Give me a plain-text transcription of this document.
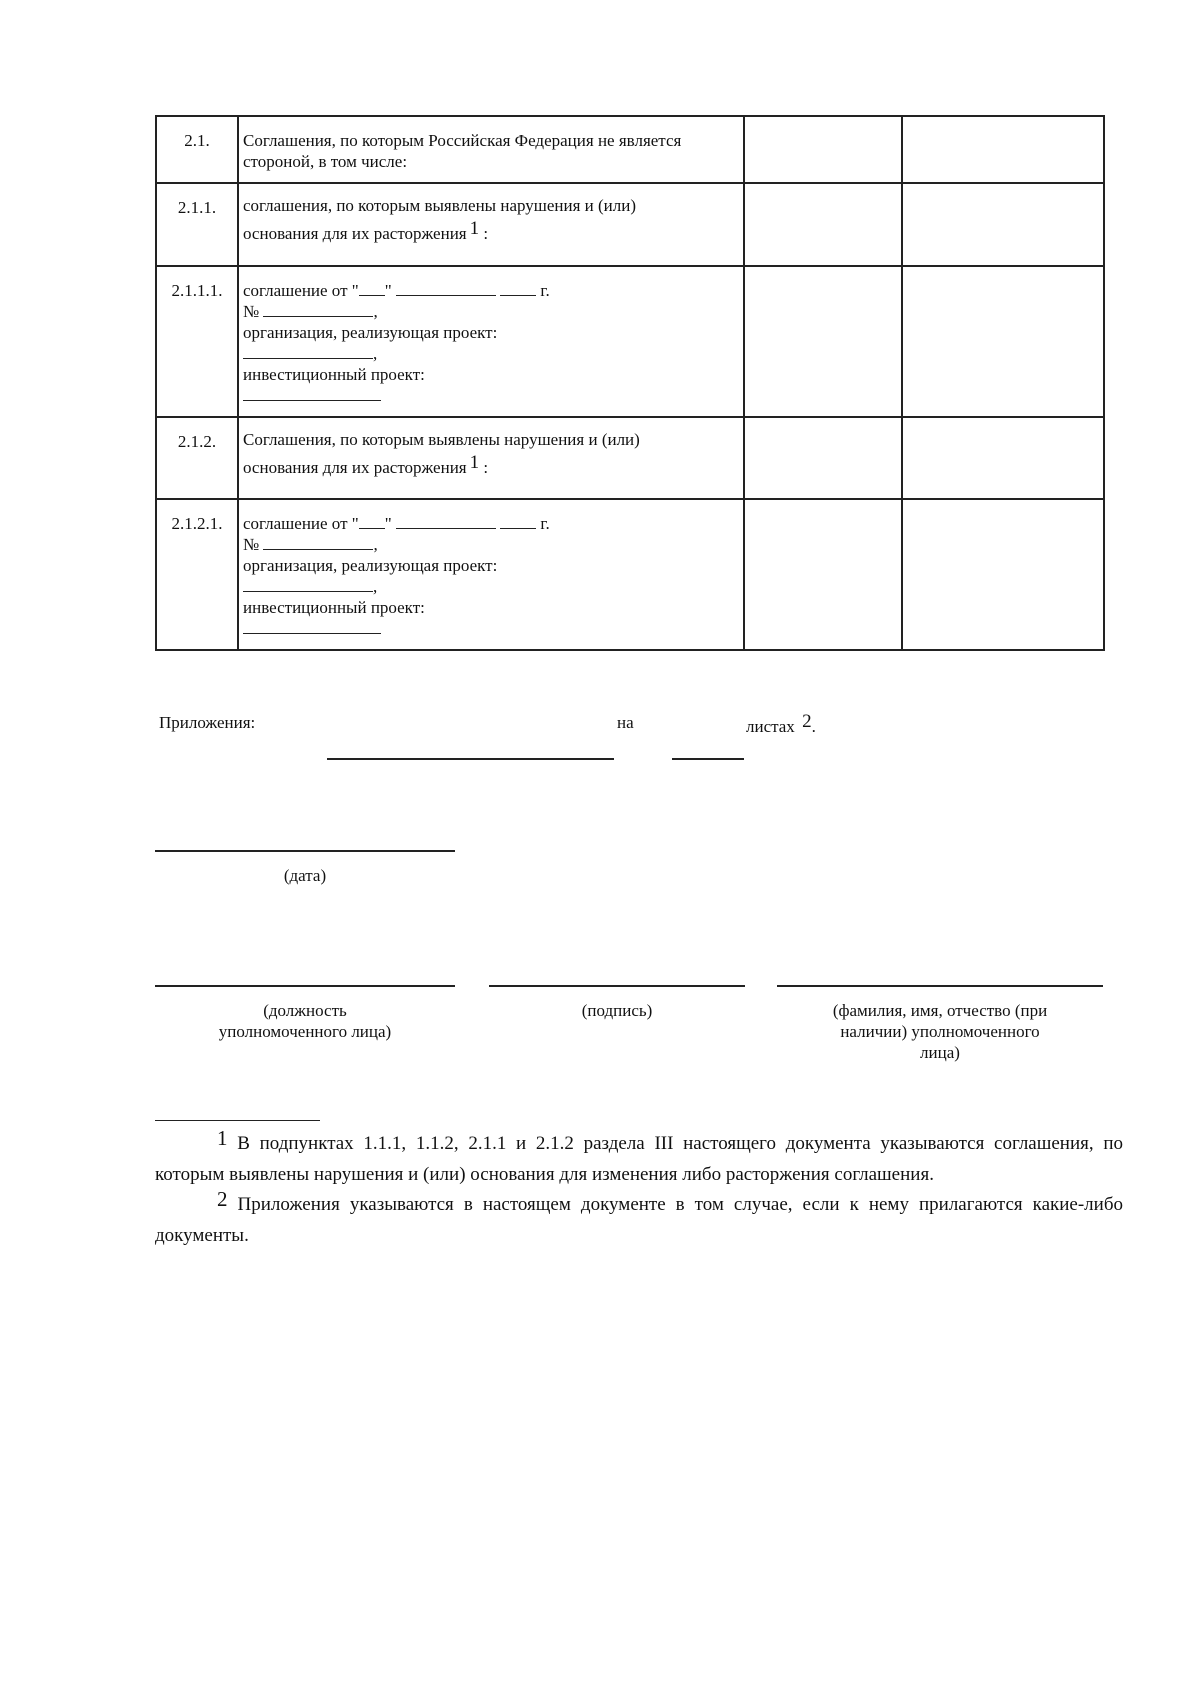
2.1.	Соглашения, по которым Российская Федерация не является
стороной, в том числе:		

2.1.1.	соглашения, по которым выявлены нарушения и (или)
основания для их расторжения 1 :		
2.1.1.1.	соглашение от " " г.
№ ,
организация, реализующая проект:
,
инвестиционный проект:		

2.1.2.	Соглашения, по которым выявлены нарушения и (или)
основания для их расторжения 1 :		
2.1.2.1.	соглашение от " " г.
№ ,
организация, реализующая проект:
,
инвестиционный проект:		

Приложения:	на	листах 2.
(дата)
(должность уполномоченного лица)
(подпись)	(фамилия, имя, отчество (при наличии) уполномоченного лица)
1 В подпунктах 1.1.1, 1.1.2, 2.1.1 и 2.1.2 раздела III настоящего документа указываются соглашения, по которым выявлены нарушения и (или) основания для изменения либо расторжения соглашения.
2 Приложения указываются в настоящем документе в том случае, если к нему прилагаются какие-либо документы.
